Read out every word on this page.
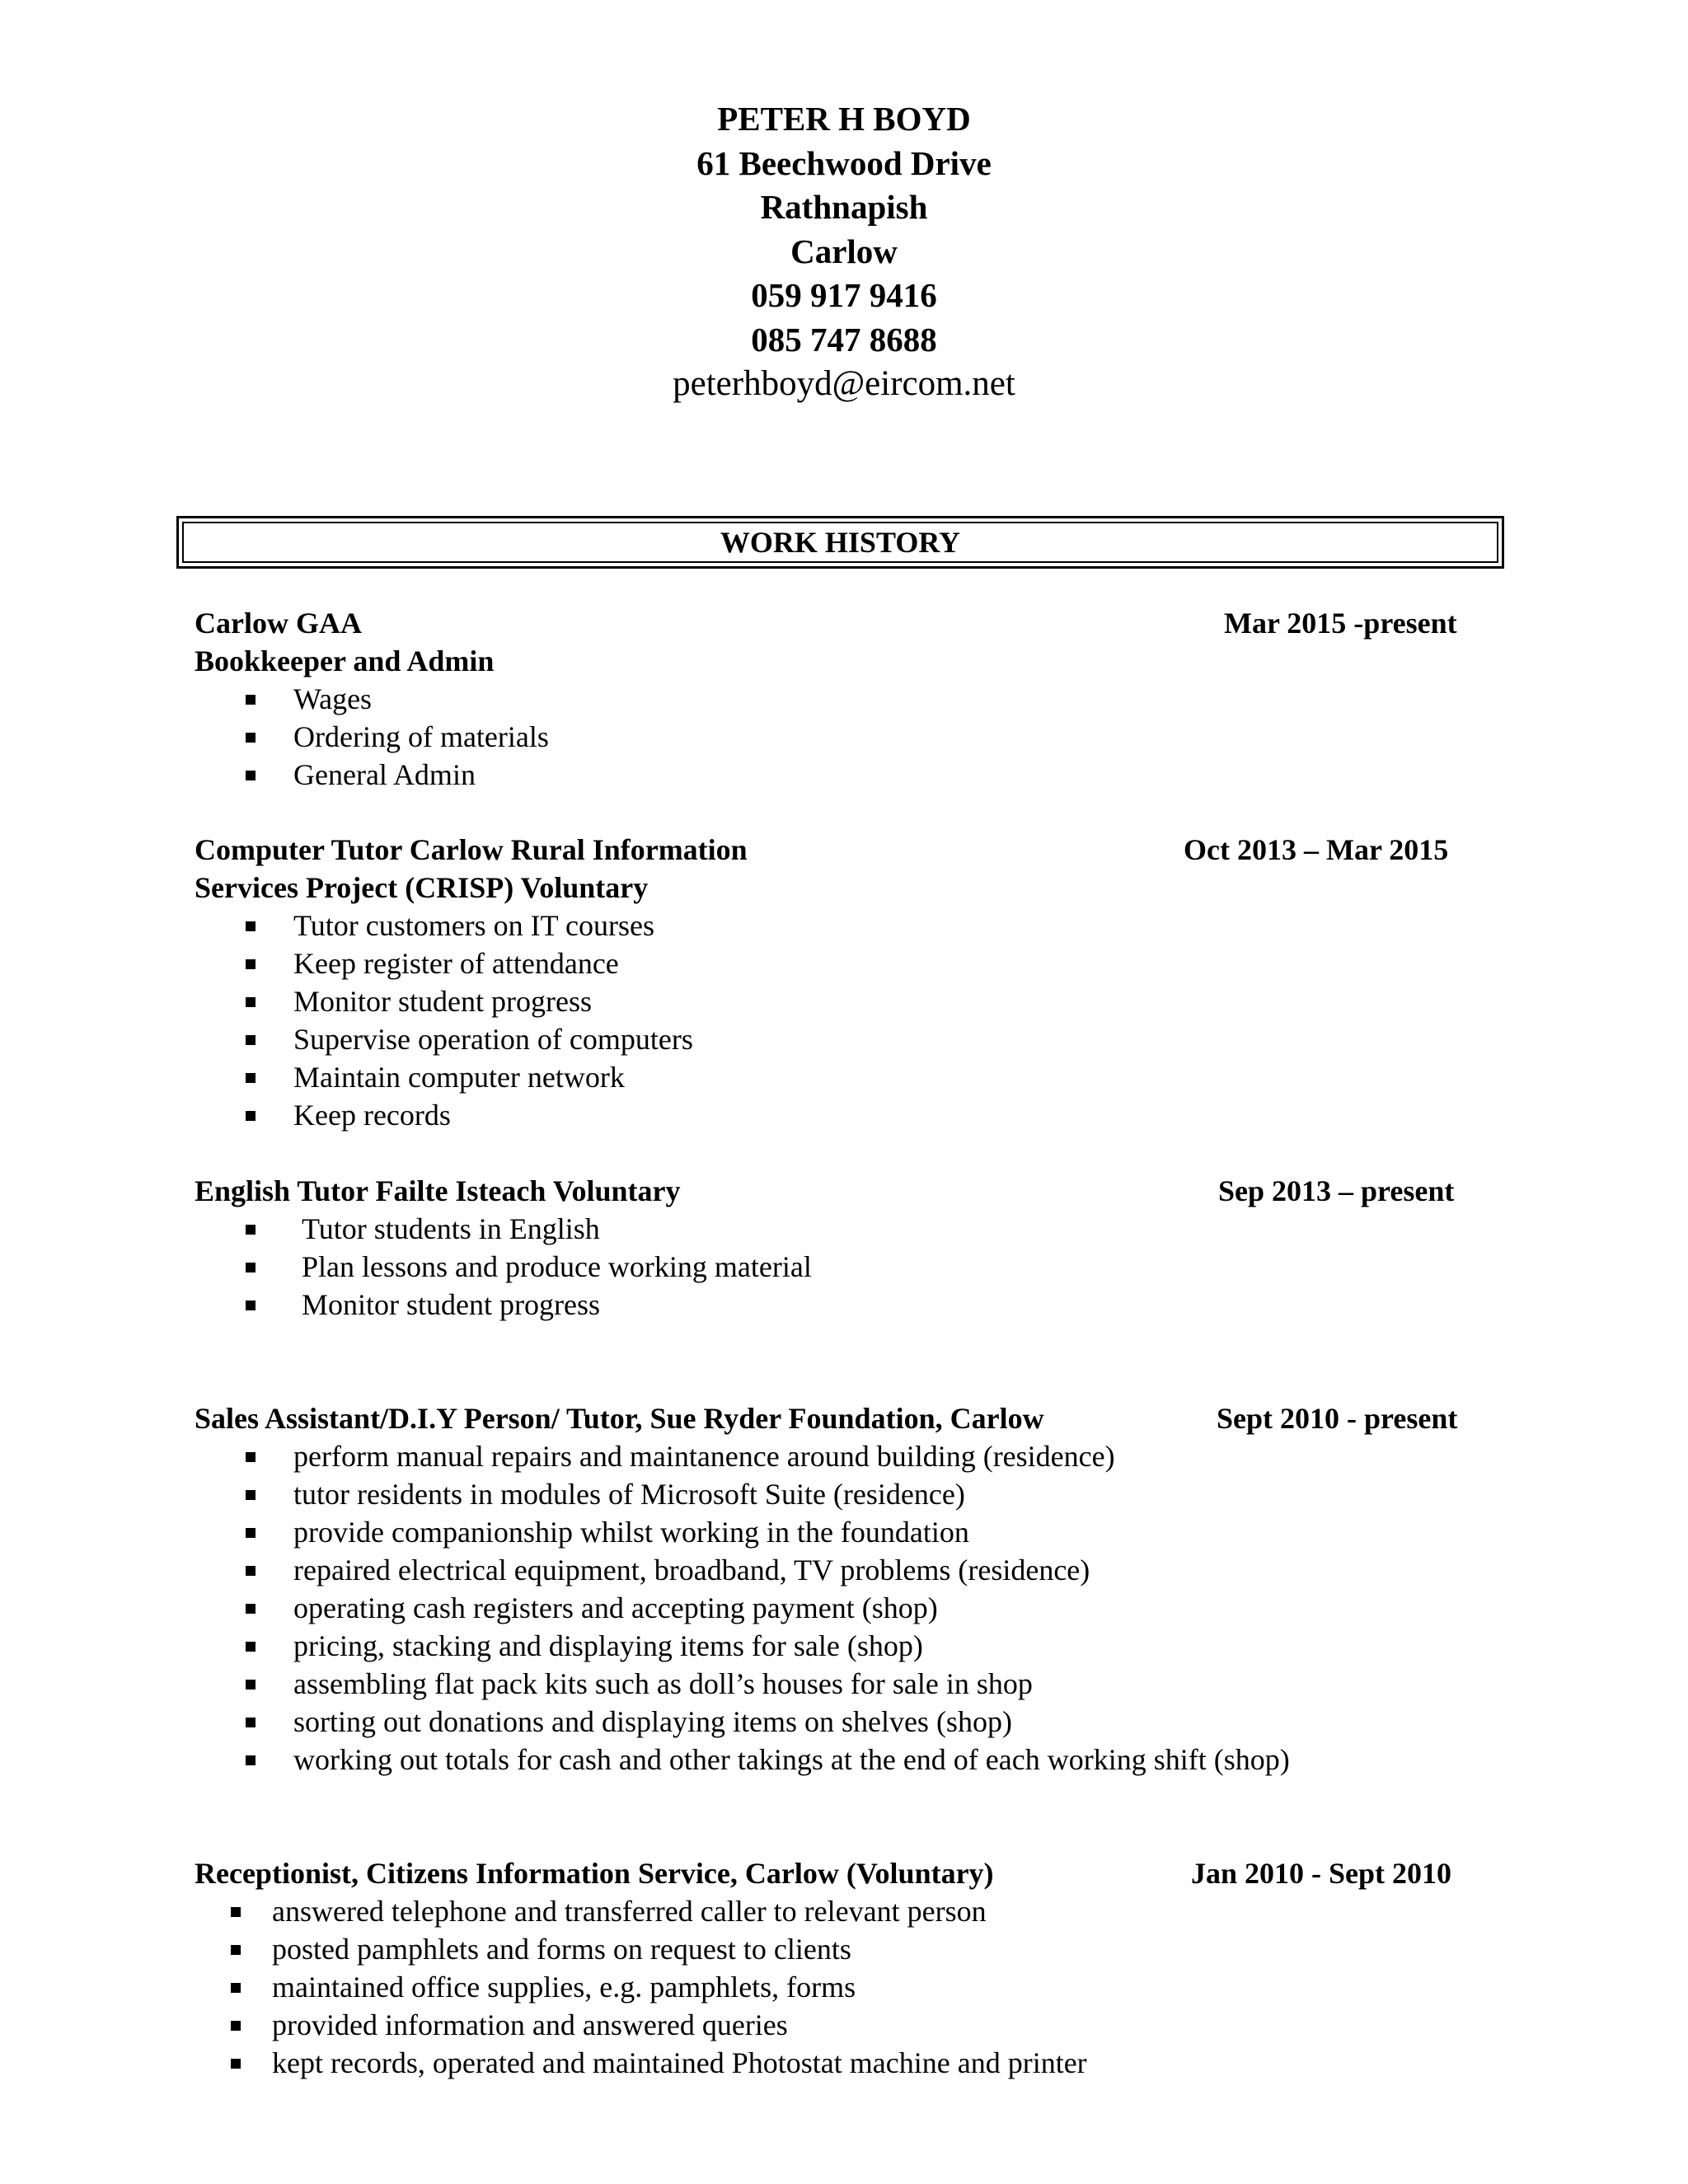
PETER H BOYD
61 Beechwood Drive
Rathnapish
Carlow
059 917 9416
085 747 8688
peterhboyd@eircom.net
WORK HISTORY
Carlow GAA
Bookkeeper and Admin
Mar 2015 -present
Wages
Ordering of materials
General Admin
Computer Tutor Carlow Rural Information
Services Project (CRISP) Voluntary
Oct 2013 – Mar 2015
Tutor customers on IT courses
Keep register of attendance
Monitor student progress
Supervise operation of computers
Maintain computer network
Keep records
English Tutor Failte Isteach Voluntary	Sep 2013 – present
Tutor students in English
Plan lessons and produce working material
Monitor student progress
Sales Assistant/D.I.Y Person/ Tutor, Sue Ryder Foundation, Carlow	Sept 2010 - present
perform manual repairs and maintanence around building (residence)
tutor residents in modules of Microsoft Suite (residence)
provide companionship whilst working in the foundation
repaired electrical equipment, broadband, TV problems (residence)
operating cash registers and accepting payment (shop)
pricing, stacking and displaying items for sale (shop)
assembling flat pack kits such as doll’s houses for sale in shop
sorting out donations and displaying items on shelves (shop)
working out totals for cash and other takings at the end of each working shift (shop)
Receptionist, Citizens Information Service, Carlow (Voluntary)	Jan 2010 - Sept 2010
answered telephone and transferred caller to relevant person
posted pamphlets and forms on request to clients
maintained office supplies, e.g. pamphlets, forms
provided information and answered queries
kept records, operated and maintained Photostat machine and printer
